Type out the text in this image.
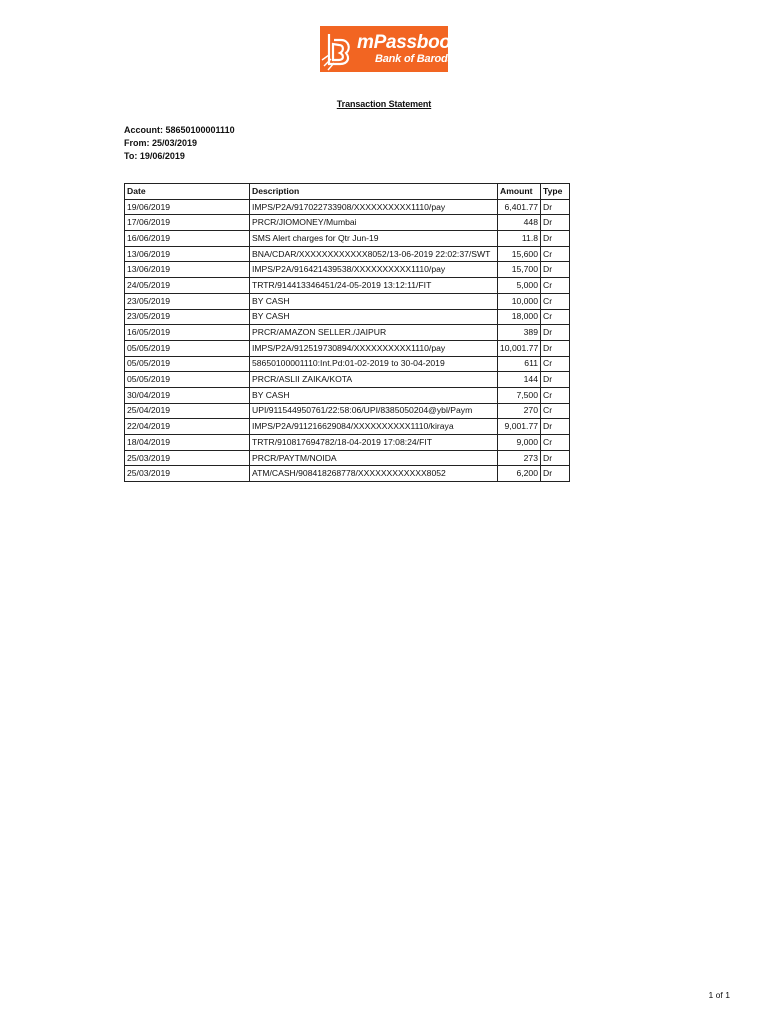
mPassbook
Bank of Baroda
Transaction Statement
Account: 58650100001110
From: 25/03/2019
To: 19/06/2019
Date	Description	Amount	Type
19/06/2019	IMPS/P2A/917022733908/XXXXXXXXXX1110/pay	6,401.77	Dr
17/06/2019	PRCR/JIOMONEY/Mumbai	448	Dr
16/06/2019	SMS Alert charges for Qtr Jun-19	11.8	Dr
13/06/2019	BNA/CDAR/XXXXXXXXXXXX8052/13-06-2019 22:02:37/SWT	15,600	Cr
13/06/2019	IMPS/P2A/916421439538/XXXXXXXXXX1110/pay	15,700	Dr
24/05/2019	TRTR/914413346451/24-05-2019 13:12:11/FIT	5,000	Cr
23/05/2019	BY CASH	10,000	Cr
23/05/2019	BY CASH	18,000	Cr
16/05/2019	PRCR/AMAZON SELLER./JAIPUR	389	Dr
05/05/2019	IMPS/P2A/912519730894/XXXXXXXXXX1110/pay	10,001.77	Dr
05/05/2019	58650100001110:Int.Pd:01-02-2019 to 30-04-2019	611	Cr
05/05/2019	PRCR/ASLII ZAIKA/KOTA	144	Dr
30/04/2019	BY CASH	7,500	Cr
25/04/2019	UPI/911544950761/22:58:06/UPI/8385050204@ybl/Paym	270	Cr
22/04/2019	IMPS/P2A/911216629084/XXXXXXXXXX1110/kiraya	9,001.77	Dr
18/04/2019	TRTR/910817694782/18-04-2019 17:08:24/FIT	9,000	Cr
25/03/2019	PRCR/PAYTM/NOIDA	273	Dr
25/03/2019	ATM/CASH/908418268778/XXXXXXXXXXXX8052	6,200	Dr
1 of 1
